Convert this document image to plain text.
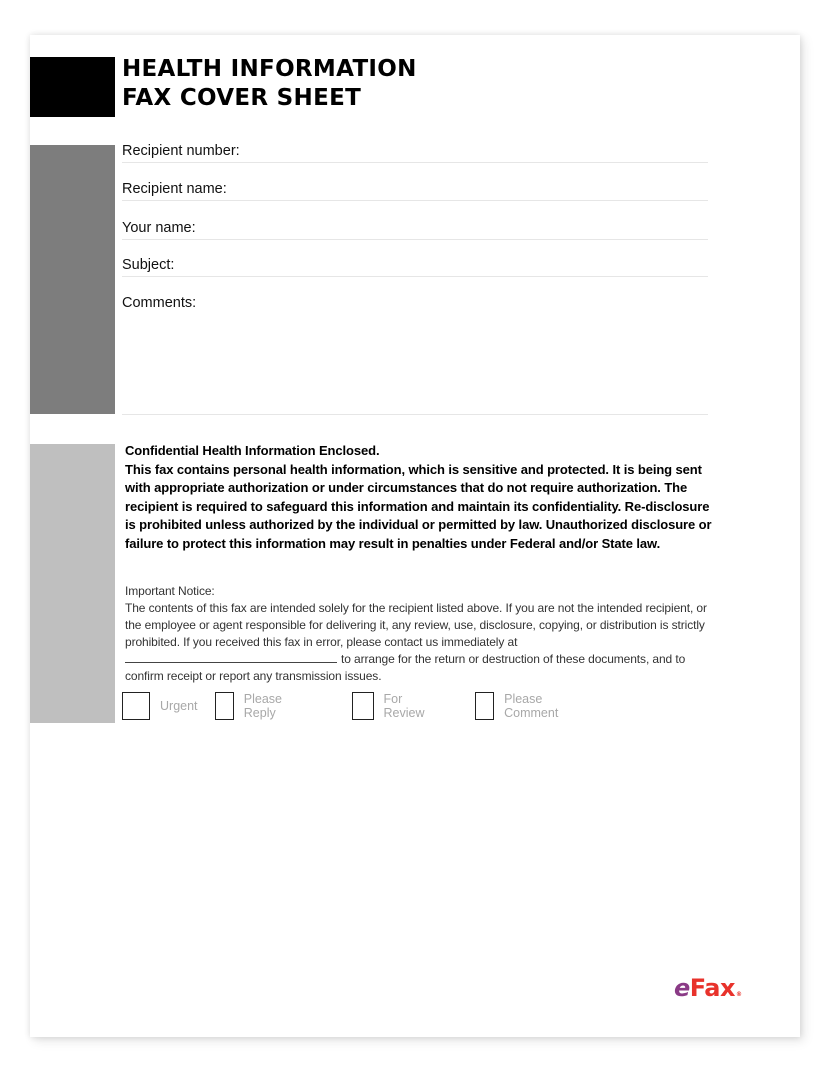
HEALTH INFORMATION
FAX COVER SHEET
Recipient number:
Recipient name:
Your name:
Subject:
Comments:

Confidential Health Information Enclosed.

This fax contains personal health information, which is sensitive and protected. It is being sent with appropriate authorization or under circumstances that do not require authorization. The recipient is required to safeguard this information and maintain its confidentiality. Re-disclosure is prohibited unless authorized by the individual or permitted by law. Unauthorized disclosure or failure to protect this information may result in penalties under Federal and/or State law.

Important Notice:

The contents of this fax are intended solely for the recipient listed above. If you are not the intended recipient, or the employee or agent responsible for delivering it, any review, use, disclosure, copying, or distribution is strictly prohibited. If you received this fax in error, please contact us immediately at to arrange for the return or destruction of these documents, and to confirm receipt or report any transmission issues.

Urgent	Please Reply
For Review
Please Comment
eFax®
